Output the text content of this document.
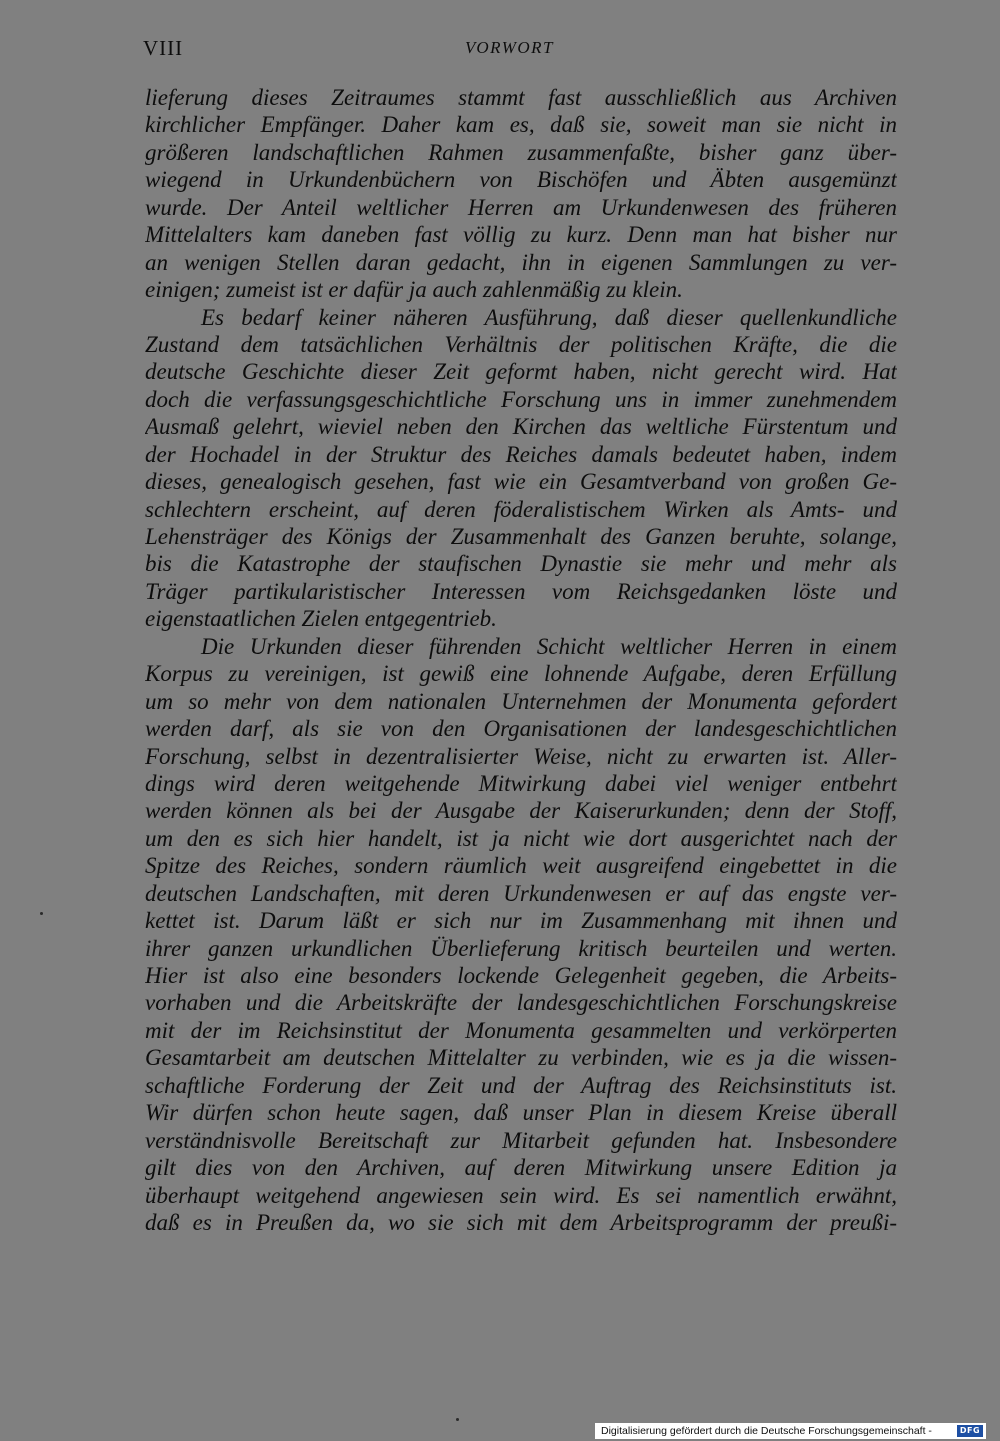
VIII	VORWORT
lieferung dieses Zeitraumes stammt fast ausschließlich aus Archiven
kirchlicher Empfänger. Daher kam es, daß sie, soweit man sie nicht in
größeren landschaftlichen Rahmen zusammenfaßte, bisher ganz über-
wiegend in Urkundenbüchern von Bischöfen und Äbten ausgemünzt
wurde. Der Anteil weltlicher Herren am Urkundenwesen des früheren
Mittelalters kam daneben fast völlig zu kurz. Denn man hat bisher nur
an wenigen Stellen daran gedacht, ihn in eigenen Sammlungen zu ver-
einigen; zumeist ist er dafür ja auch zahlenmäßig zu klein.
Es bedarf keiner näheren Ausführung, daß dieser quellenkundliche
Zustand dem tatsächlichen Verhältnis der politischen Kräfte, die die
deutsche Geschichte dieser Zeit geformt haben, nicht gerecht wird. Hat
doch die verfassungsgeschichtliche Forschung uns in immer zunehmendem
Ausmaß gelehrt, wieviel neben den Kirchen das weltliche Fürstentum und
der Hochadel in der Struktur des Reiches damals bedeutet haben, indem
dieses, genealogisch gesehen, fast wie ein Gesamtverband von großen Ge-
schlechtern erscheint, auf deren föderalistischem Wirken als Amts- und
Lehensträger des Königs der Zusammenhalt des Ganzen beruhte, solange,
bis die Katastrophe der staufischen Dynastie sie mehr und mehr als
Träger partikularistischer Interessen vom Reichsgedanken löste und
eigenstaatlichen Zielen entgegentrieb.
Die Urkunden dieser führenden Schicht weltlicher Herren in einem
Korpus zu vereinigen, ist gewiß eine lohnende Aufgabe, deren Erfüllung
um so mehr von dem nationalen Unternehmen der Monumenta gefordert
werden darf, als sie von den Organisationen der landesgeschichtlichen
Forschung, selbst in dezentralisierter Weise, nicht zu erwarten ist. Aller-
dings wird deren weitgehende Mitwirkung dabei viel weniger entbehrt
werden können als bei der Ausgabe der Kaiserurkunden; denn der Stoff,
um den es sich hier handelt, ist ja nicht wie dort ausgerichtet nach der
Spitze des Reiches, sondern räumlich weit ausgreifend eingebettet in die
deutschen Landschaften, mit deren Urkundenwesen er auf das engste ver-
kettet ist. Darum läßt er sich nur im Zusammenhang mit ihnen und
ihrer ganzen urkundlichen Überlieferung kritisch beurteilen und werten.
Hier ist also eine besonders lockende Gelegenheit gegeben, die Arbeits-
vorhaben und die Arbeitskräfte der landesgeschichtlichen Forschungskreise
mit der im Reichsinstitut der Monumenta gesammelten und verkörperten
Gesamtarbeit am deutschen Mittelalter zu verbinden, wie es ja die wissen-
schaftliche Forderung der Zeit und der Auftrag des Reichsinstituts ist.
Wir dürfen schon heute sagen, daß unser Plan in diesem Kreise überall
verständnisvolle Bereitschaft zur Mitarbeit gefunden hat. Insbesondere
gilt dies von den Archiven, auf deren Mitwirkung unsere Edition ja
überhaupt weitgehend angewiesen sein wird. Es sei namentlich erwähnt,
daß es in Preußen da, wo sie sich mit dem Arbeitsprogramm der preußi-
Digitalisierung gefördert durch die Deutsche Forschungsgemeinschaft -	DFG
